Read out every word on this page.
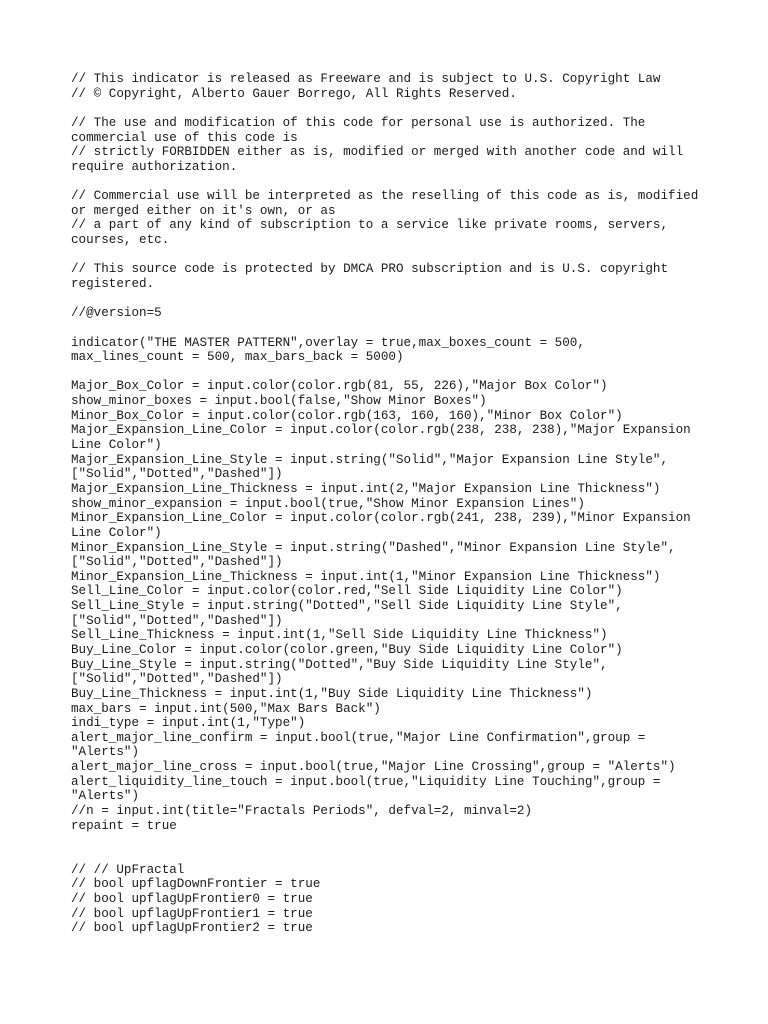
// This indicator is released as Freeware and is subject to U.S. Copyright Law
// © Copyright, Alberto Gauer Borrego, All Rights Reserved.
// The use and modification of this code for personal use is authorized. The
commercial use of this code is
// strictly FORBIDDEN either as is, modified or merged with another code and will
require authorization.
// Commercial use will be interpreted as the reselling of this code as is, modified
or merged either on it's own, or as
// a part of any kind of subscription to a service like private rooms, servers,
courses, etc.
// This source code is protected by DMCA PRO subscription and is U.S. copyright
registered.
//@version=5
indicator("THE MASTER PATTERN",overlay = true,max_boxes_count = 500,
max_lines_count = 500, max_bars_back = 5000)
Major_Box_Color = input.color(color.rgb(81, 55, 226),"Major Box Color")
show_minor_boxes = input.bool(false,"Show Minor Boxes")
Minor_Box_Color = input.color(color.rgb(163, 160, 160),"Minor Box Color")
Major_Expansion_Line_Color = input.color(color.rgb(238, 238, 238),"Major Expansion
Line Color")
Major_Expansion_Line_Style = input.string("Solid","Major Expansion Line Style",
["Solid","Dotted","Dashed"])
Major_Expansion_Line_Thickness = input.int(2,"Major Expansion Line Thickness")
show_minor_expansion = input.bool(true,"Show Minor Expansion Lines")
Minor_Expansion_Line_Color = input.color(color.rgb(241, 238, 239),"Minor Expansion
Line Color")
Minor_Expansion_Line_Style = input.string("Dashed","Minor Expansion Line Style",
["Solid","Dotted","Dashed"])
Minor_Expansion_Line_Thickness = input.int(1,"Minor Expansion Line Thickness")
Sell_Line_Color = input.color(color.red,"Sell Side Liquidity Line Color")
Sell_Line_Style = input.string("Dotted","Sell Side Liquidity Line Style",
["Solid","Dotted","Dashed"])
Sell_Line_Thickness = input.int(1,"Sell Side Liquidity Line Thickness")
Buy_Line_Color = input.color(color.green,"Buy Side Liquidity Line Color")
Buy_Line_Style = input.string("Dotted","Buy Side Liquidity Line Style",
["Solid","Dotted","Dashed"])
Buy_Line_Thickness = input.int(1,"Buy Side Liquidity Line Thickness")
max_bars = input.int(500,"Max Bars Back")
indi_type = input.int(1,"Type")
alert_major_line_confirm = input.bool(true,"Major Line Confirmation",group =
"Alerts")
alert_major_line_cross = input.bool(true,"Major Line Crossing",group = "Alerts")
alert_liquidity_line_touch = input.bool(true,"Liquidity Line Touching",group =
"Alerts")
//n = input.int(title="Fractals Periods", defval=2, minval=2)
repaint = true
// // UpFractal
// bool upflagDownFrontier = true
// bool upflagUpFrontier0 = true
// bool upflagUpFrontier1 = true
// bool upflagUpFrontier2 = true
